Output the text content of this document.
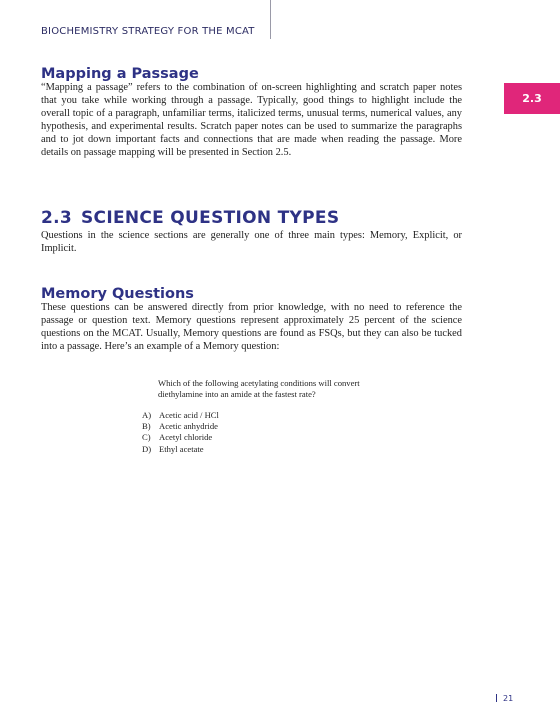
BIOCHEMISTRY STRATEGY FOR THE MCAT
2.3
Mapping a Passage

“Mapping a passage” refers to the combination of on-screen highlighting and scratch paper notes that you take while working through a passage. Typically, good things to highlight include the overall topic of a paragraph, unfamiliar terms, italicized terms, unusual terms, numerical values, any hypothesis, and experimental results. Scratch paper notes can be used to summarize the paragraphs and to jot down important facts and connections that are made when reading the passage. More details on passage mapping will be presented in Section 2.5.

2.3 SCIENCE QUESTION TYPES

Questions in the science sections are generally one of three main types: Memory, Explicit, or Implicit.

Memory Questions

These questions can be answered directly from prior knowledge, with no need to reference the passage or question text. Memory questions represent approximately 25 percent of the science questions on the MCAT. Usually, Memory questions are found as FSQs, but they can also be tucked into a passage. Here’s an example of a Memory question:

Which of the following acetylating conditions will convert diethylamine into an amide at the fastest rate?

A) Acetic acid / HCl
B) Acetic anhydride
C) Acetyl chloride
D) Ethyl acetate
21
